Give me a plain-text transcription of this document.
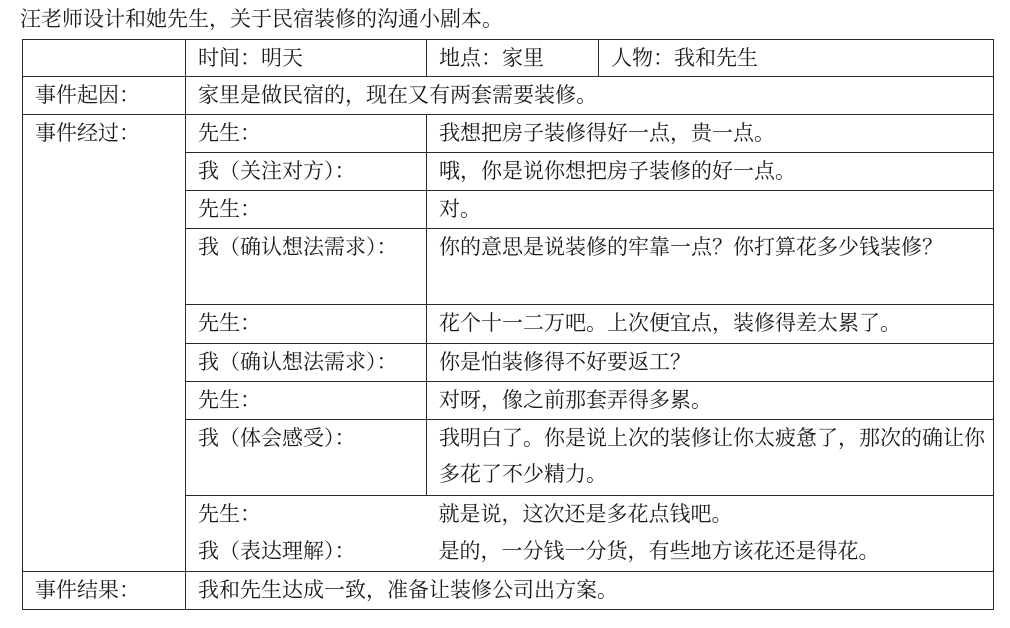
汪老师设计和她先生，关于民宿装修的沟通小剧本。
	时间：明天	地点：家里	人物：我和先生
事件起因：	家里是做民宿的，现在又有两套需要装修。		
事件经过：	先生：	我想把房子装修得好一点，贵一点。	
	我（关注对方）：	哦，你是说你想把房子装修的好一点。	
	先生：	对。	
	我（确认想法需求）：	你的意思是说装修的牢靠一点？你打算花多少钱装修？	
	先生：	花个十一二万吧。上次便宜点，装修得差太累了。	
	我（确认想法需求）：	你是怕装修得不好要返工？	
	先生：	对呀，像之前那套弄得多累。	
	我（体会感受）：	我明白了。你是说上次的装修让你太疲惫了，那次的确让你多花了不少精力。	
	先生：	就是说，这次还是多花点钱吧。	
	我（表达理解）：	是的，一分钱一分货，有些地方该花还是得花。	
事件结果：	我和先生达成一致，准备让装修公司出方案。		
